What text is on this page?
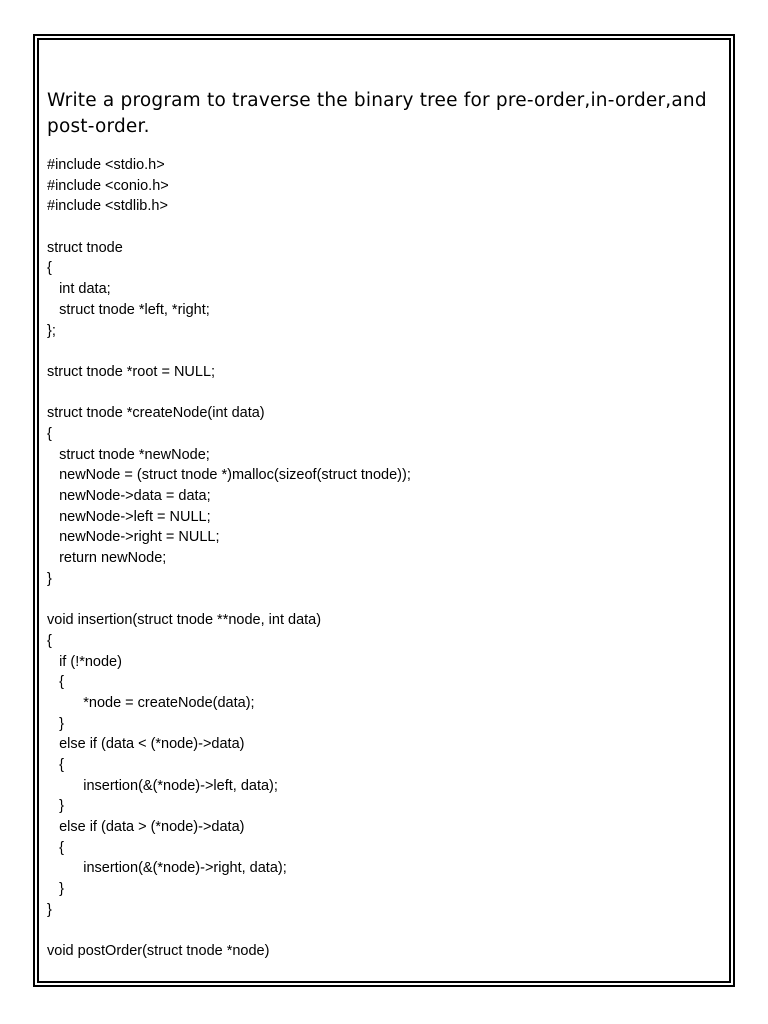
Write a program to traverse the binary tree for pre-order,in-order,and post-order.
#include <stdio.h>
#include <conio.h>
#include <stdlib.h>
struct tnode
{
int data;
struct tnode *left, *right;
};
struct tnode *root = NULL;
struct tnode *createNode(int data)
{
struct tnode *newNode;
newNode = (struct tnode *)malloc(sizeof(struct tnode));
newNode->data = data;
newNode->left = NULL;
newNode->right = NULL;
return newNode;
}
void insertion(struct tnode **node, int data)
{
if (!*node)
{
*node = createNode(data);
}
else if (data < (*node)->data)
{
insertion(&(*node)->left, data);
}
else if (data > (*node)->data)
{
insertion(&(*node)->right, data);
}
}
void postOrder(struct tnode *node)
